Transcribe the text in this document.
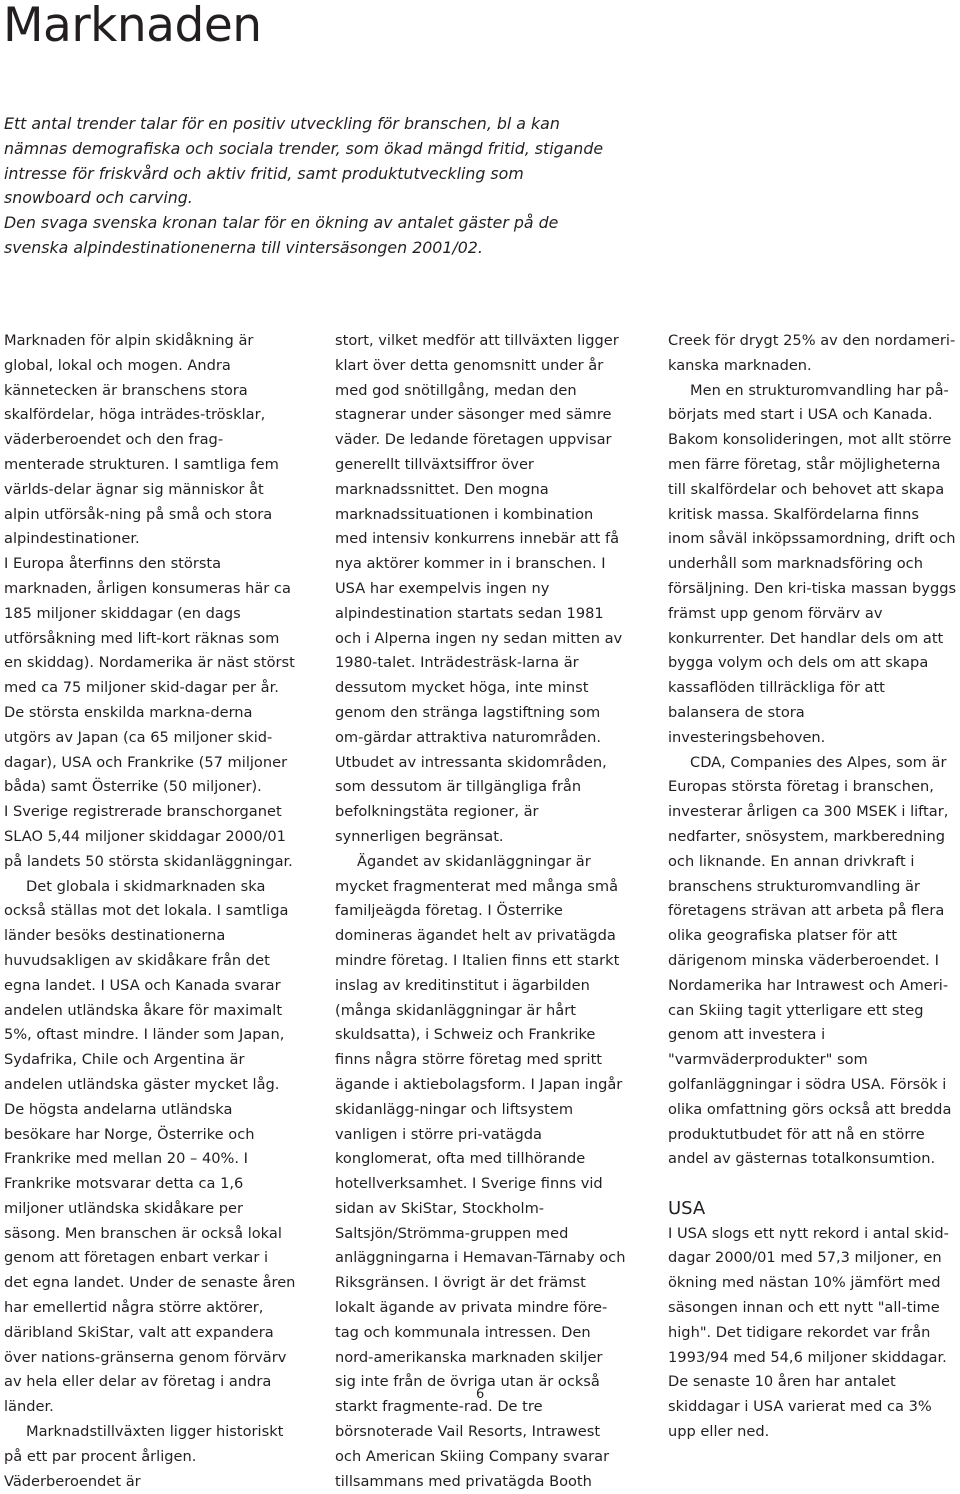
Marknaden

Ett antal trender talar för en positiv utveckling för branschen, bl a kan nämnas demografiska och sociala trender, som ökad mängd fritid, stigande intresse för friskvård och aktiv fritid, samt produktutveckling som snowboard och carving.

Den svaga svenska kronan talar för en ökning av antalet gäster på de svenska alpindestinationenerna till vintersäsongen 2001/02.

Marknaden för alpin skidåkning är global, lokal och mogen. Andra kännetecken är branschens stora skalfördelar, höga inträdes-trösklar, väderberoendet och den frag-menterade strukturen. I samtliga fem världs-delar ägnar sig människor åt alpin utförsåk-ning på små och stora alpindestinationer.

I Europa återfinns den största marknaden, årligen konsumeras här ca 185 miljoner skiddagar (en dags utförsåkning med lift-kort räknas som en skiddag). Nordamerika är näst störst med ca 75 miljoner skid-dagar per år. De största enskilda markna-derna utgörs av Japan (ca 65 miljoner skid-dagar), USA och Frankrike (57 miljoner båda) samt Österrike (50 miljoner).

I Sverige registrerade branschorganet SLAO 5,44 miljoner skiddagar 2000/01 på landets 50 största skidanläggningar.

Det globala i skidmarknaden ska också ställas mot det lokala. I samtliga länder besöks destinationerna huvudsakligen av skidåkare från det egna landet. I USA och Kanada svarar andelen utländska åkare för maximalt 5%, oftast mindre. I länder som Japan, Sydafrika, Chile och Argentina är andelen utländska gäster mycket låg. De högsta andelarna utländska besökare har Norge, Österrike och Frankrike med mellan 20 – 40%. I Frankrike motsvarar detta ca 1,6 miljoner utländska skidåkare per säsong. Men branschen är också lokal genom att företagen enbart verkar i det egna landet. Under de senaste åren har emellertid några större aktörer, däribland SkiStar, valt att expandera över nations-gränserna genom förvärv av hela eller delar av företag i andra länder.

Marknadstillväxten ligger historiskt på ett par procent årligen. Väderberoendet är

stort, vilket medför att tillväxten ligger klart över detta genomsnitt under år med god snötillgång, medan den stagnerar under säsonger med sämre väder. De ledande företagen uppvisar generellt tillväxtsiffror över marknadssnittet. Den mogna marknadssituationen i kombination med intensiv konkurrens innebär att få nya aktörer kommer in i branschen. I USA har exempelvis ingen ny alpindestination startats sedan 1981 och i Alperna ingen ny sedan mitten av 1980-talet. Inträdesträsk-larna är dessutom mycket höga, inte minst genom den stränga lagstiftning som om-gärdar attraktiva naturområden. Utbudet av intressanta skidområden, som dessutom är tillgängliga från befolkningstäta regioner, är synnerligen begränsat.

Ägandet av skidanläggningar är mycket fragmenterat med många små familjeägda företag. I Österrike domineras ägandet helt av privatägda mindre företag. I Italien finns ett starkt inslag av kreditinstitut i ägarbilden (många skidanläggningar är hårt skuldsatta), i Schweiz och Frankrike finns några större företag med spritt ägande i aktiebolagsform. I Japan ingår skidanlägg-ningar och liftsystem vanligen i större pri-vatägda konglomerat, ofta med tillhörande hotellverksamhet. I Sverige finns vid sidan av SkiStar, Stockholm-Saltsjön/Strömma-gruppen med anläggningarna i Hemavan-Tärnaby och Riksgränsen. I övrigt är det främst lokalt ägande av privata mindre före-tag och kommunala intressen. Den nord-amerikanska marknaden skiljer sig inte från de övriga utan är också starkt fragmente-rad. De tre börsnoterade Vail Resorts, Intrawest och American Skiing Company svarar tillsammans med privatägda Booth

Creek för drygt 25% av den nordameri-kanska marknaden.

Men en strukturomvandling har på-börjats med start i USA och Kanada. Bakom konsolideringen, mot allt större men färre företag, står möjligheterna till skalfördelar och behovet att skapa kritisk massa. Skalfördelarna finns inom såväl inköpssamordning, drift och underhåll som marknadsföring och försäljning. Den kri-tiska massan byggs främst upp genom förvärv av konkurrenter. Det handlar dels om att bygga volym och dels om att skapa kassaflöden tillräckliga för att balansera de stora investeringsbehoven.

CDA, Companies des Alpes, som är Europas största företag i branschen, investerar årligen ca 300 MSEK i liftar, nedfarter, snösystem, markberedning och liknande. En annan drivkraft i branschens strukturomvandling är företagens strävan att arbeta på flera olika geografiska platser för att därigenom minska väderberoendet. I Nordamerika har Intrawest och Ameri-can Skiing tagit ytterligare ett steg genom att investera i "varmväderprodukter" som golfanläggningar i södra USA. Försök i olika omfattning görs också att bredda produktutbudet för att nå en större andel av gästernas totalkonsumtion.

USA

I USA slogs ett nytt rekord i antal skid-dagar 2000/01 med 57,3 miljoner, en ökning med nästan 10% jämfört med säsongen innan och ett nytt "all-time high". Det tidigare rekordet var från 1993/94 med 54,6 miljoner skiddagar. De senaste 10 åren har antalet skiddagar i USA varierat med ca 3% upp eller ned.

6
